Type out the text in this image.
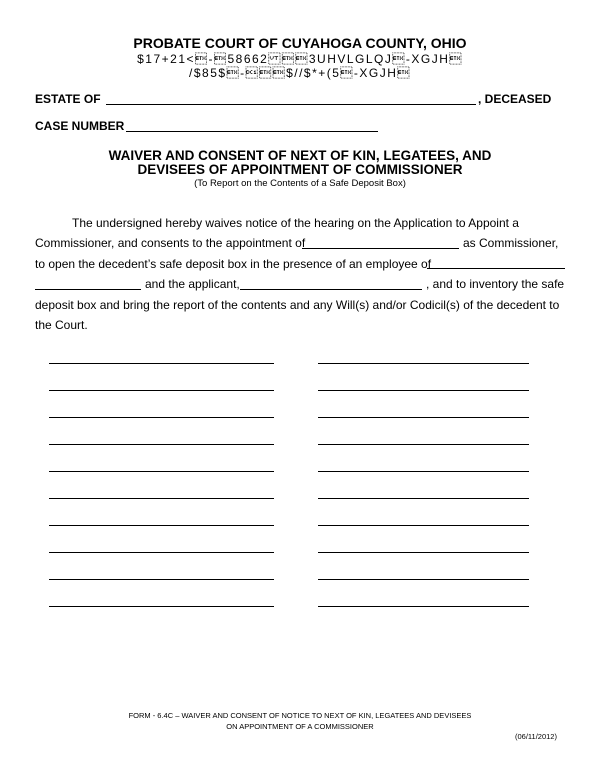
PROBATE COURT OF CUYAHOGA COUNTY, OHIO
$17+21<-586623UHVLGLQJ-XGJH
/$85$-$//$*+(5-XGJH
ESTATE OF	, DECEASED
CASE NUMBER
WAIVER AND CONSENT OF NEXT OF KIN, LEGATEES, AND
DEVISEES OF APPOINTMENT OF COMMISSIONER
(To Report on the Contents of a Safe Deposit Box)
The undersigned hereby waives notice of the hearing on the Application to Appoint a
Commissioner, and consents to the appointment of	as Commissioner,
to open the decedent’s safe deposit box in the presence of an employee of
and the applicant,	, and to inventory the safe
deposit box and bring the report of the contents and any Will(s) and/or Codicil(s) of the decedent to
the Court.
FORM - 6.4C – WAIVER AND CONSENT OF NOTICE TO NEXT OF KIN, LEGATEES AND DEVISEES
ON APPOINTMENT OF A COMMISSIONER
(06/11/2012)
